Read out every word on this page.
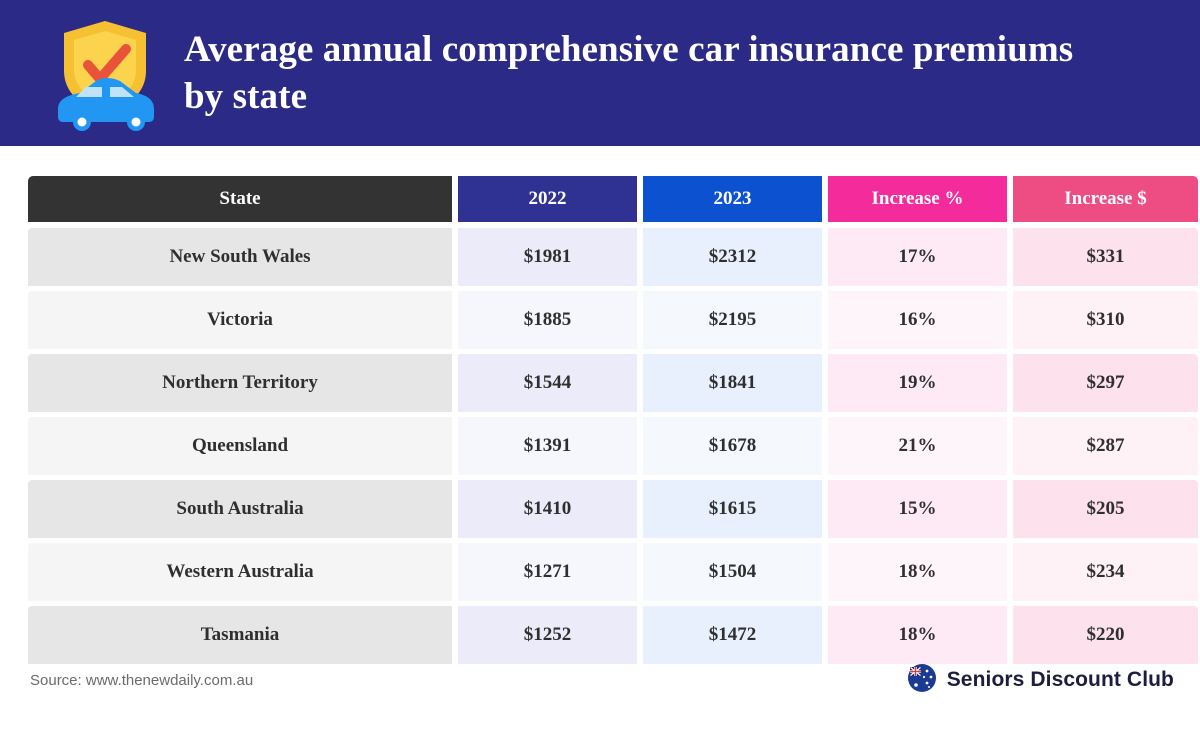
Average annual comprehensive car insurance premiums by state
State	2022	2023	Increase %	Increase $
New South Wales	$1981	$2312	17%	$331
Victoria	$1885	$2195	16%	$310
Northern Territory	$1544	$1841	19%	$297
Queensland	$1391	$1678	21%	$287
South Australia	$1410	$1615	15%	$205
Western Australia	$1271	$1504	18%	$234
Tasmania	$1252	$1472	18%	$220
Source: www.thenewdaily.com.au	Seniors Discount Club
